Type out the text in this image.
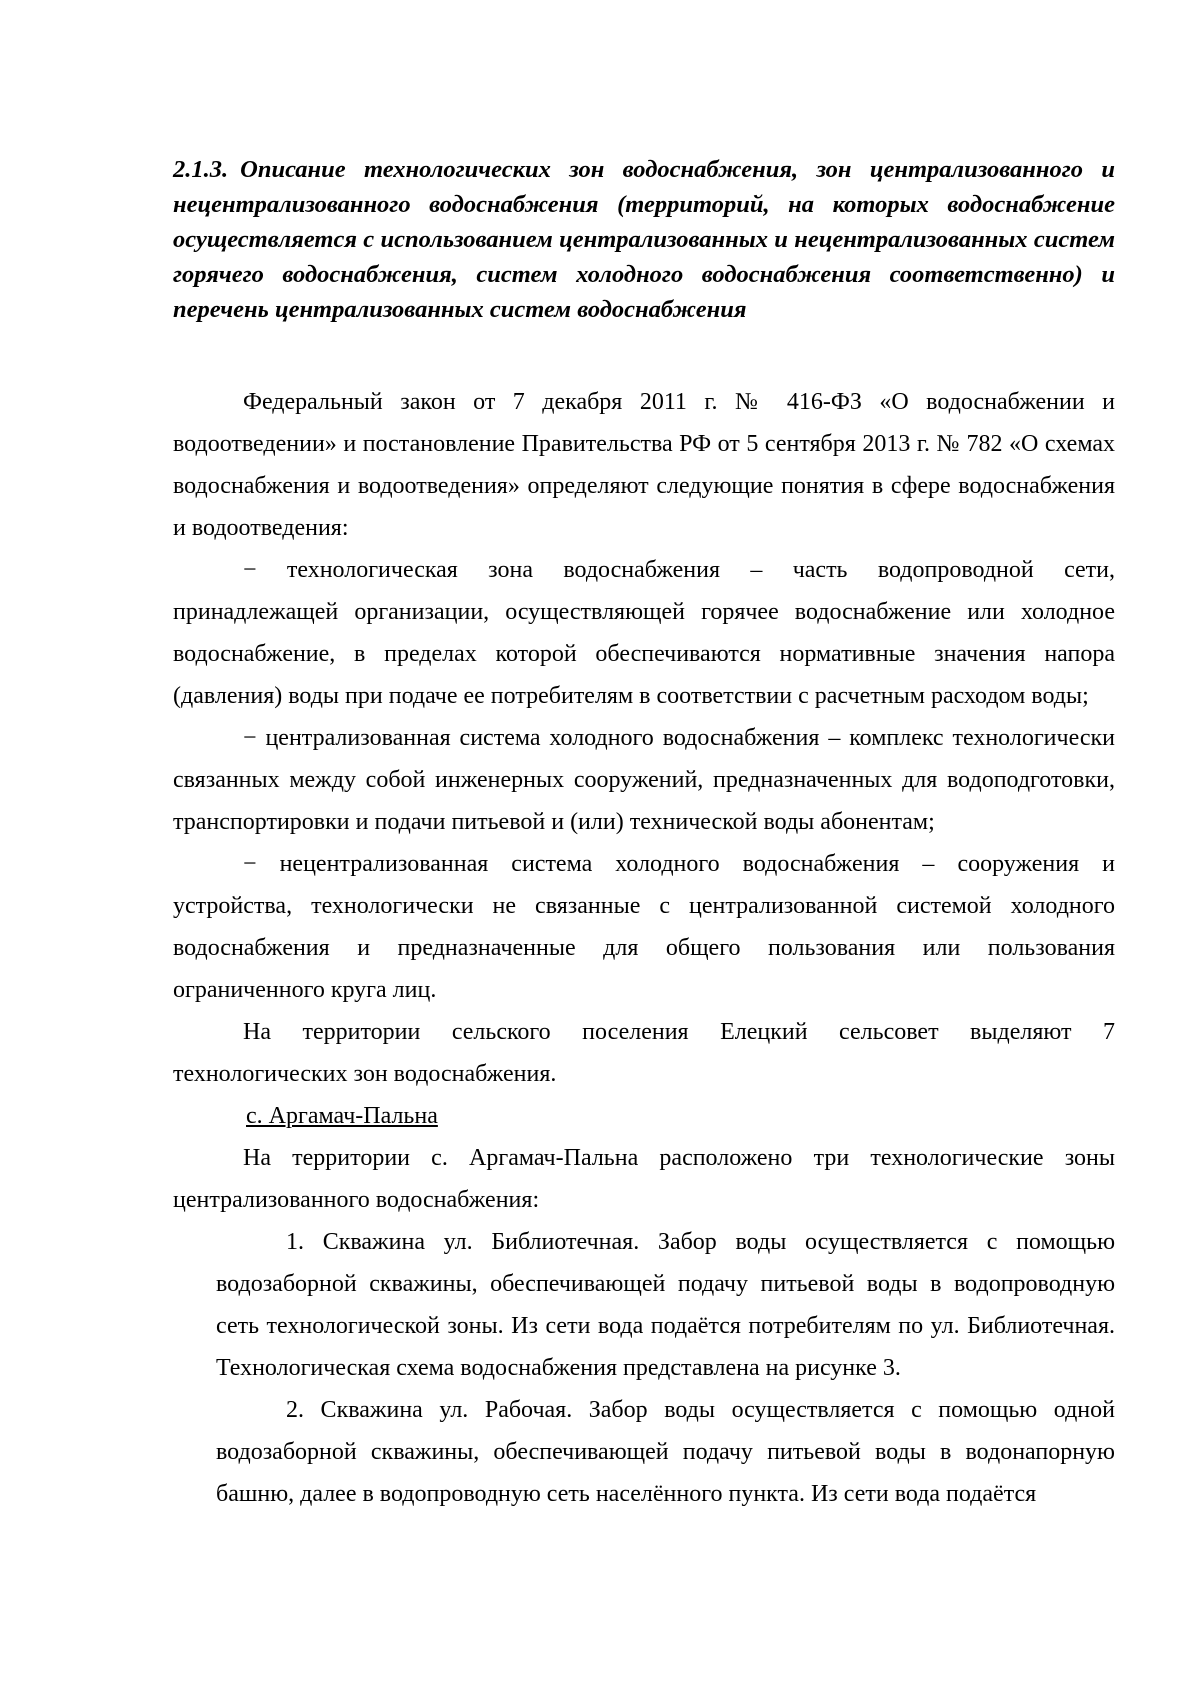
2.1.3. Описание технологических зон водоснабжения, зон централизованного и нецентрализованного водоснабжения (территорий, на которых водоснабжение осуществляется с использованием централизованных и нецентрализованных систем горячего водоснабжения, систем холодного водоснабжения соответственно) и перечень централизованных систем водоснабжения

Федеральный закон от 7 декабря 2011 г. № 416-ФЗ «О водоснабжении и водоотведении» и постановление Правительства РФ от 5 сентября 2013 г. № 782 «О схемах водоснабжения и водоотведения» определяют следующие понятия в сфере водоснабжения и водоотведения:

− технологическая зона водоснабжения – часть водопроводной сети, принадлежащей организации, осуществляющей горячее водоснабжение или холодное водоснабжение, в пределах которой обеспечиваются нормативные значения напора (давления) воды при подаче ее потребителям в соответствии с расчетным расходом воды;

− централизованная система холодного водоснабжения – комплекс технологически связанных между собой инженерных сооружений, предназначенных для водоподготовки, транспортировки и подачи питьевой и (или) технической воды абонентам;

− нецентрализованная система холодного водоснабжения – сооружения и устройства, технологически не связанные с централизованной системой холодного водоснабжения и предназначенные для общего пользования или пользования ограниченного круга лиц.

На территории сельского поселения Елецкий сельсовет выделяют 7 технологических зон водоснабжения.

с. Аргамач-Пальна

На территории с. Аргамач-Пальна расположено три технологические зоны централизованного водоснабжения:

1. Скважина ул. Библиотечная. Забор воды осуществляется с помощью водозаборной скважины, обеспечивающей подачу питьевой воды в водопроводную сеть технологической зоны. Из сети вода подаётся потребителям по ул. Библиотечная. Технологическая схема водоснабжения представлена на рисунке 3.

2. Скважина ул. Рабочая. Забор воды осуществляется с помощью одной водозаборной скважины, обеспечивающей подачу питьевой воды в водонапорную башню, далее в водопроводную сеть населённого пункта. Из сети вода подаётся
